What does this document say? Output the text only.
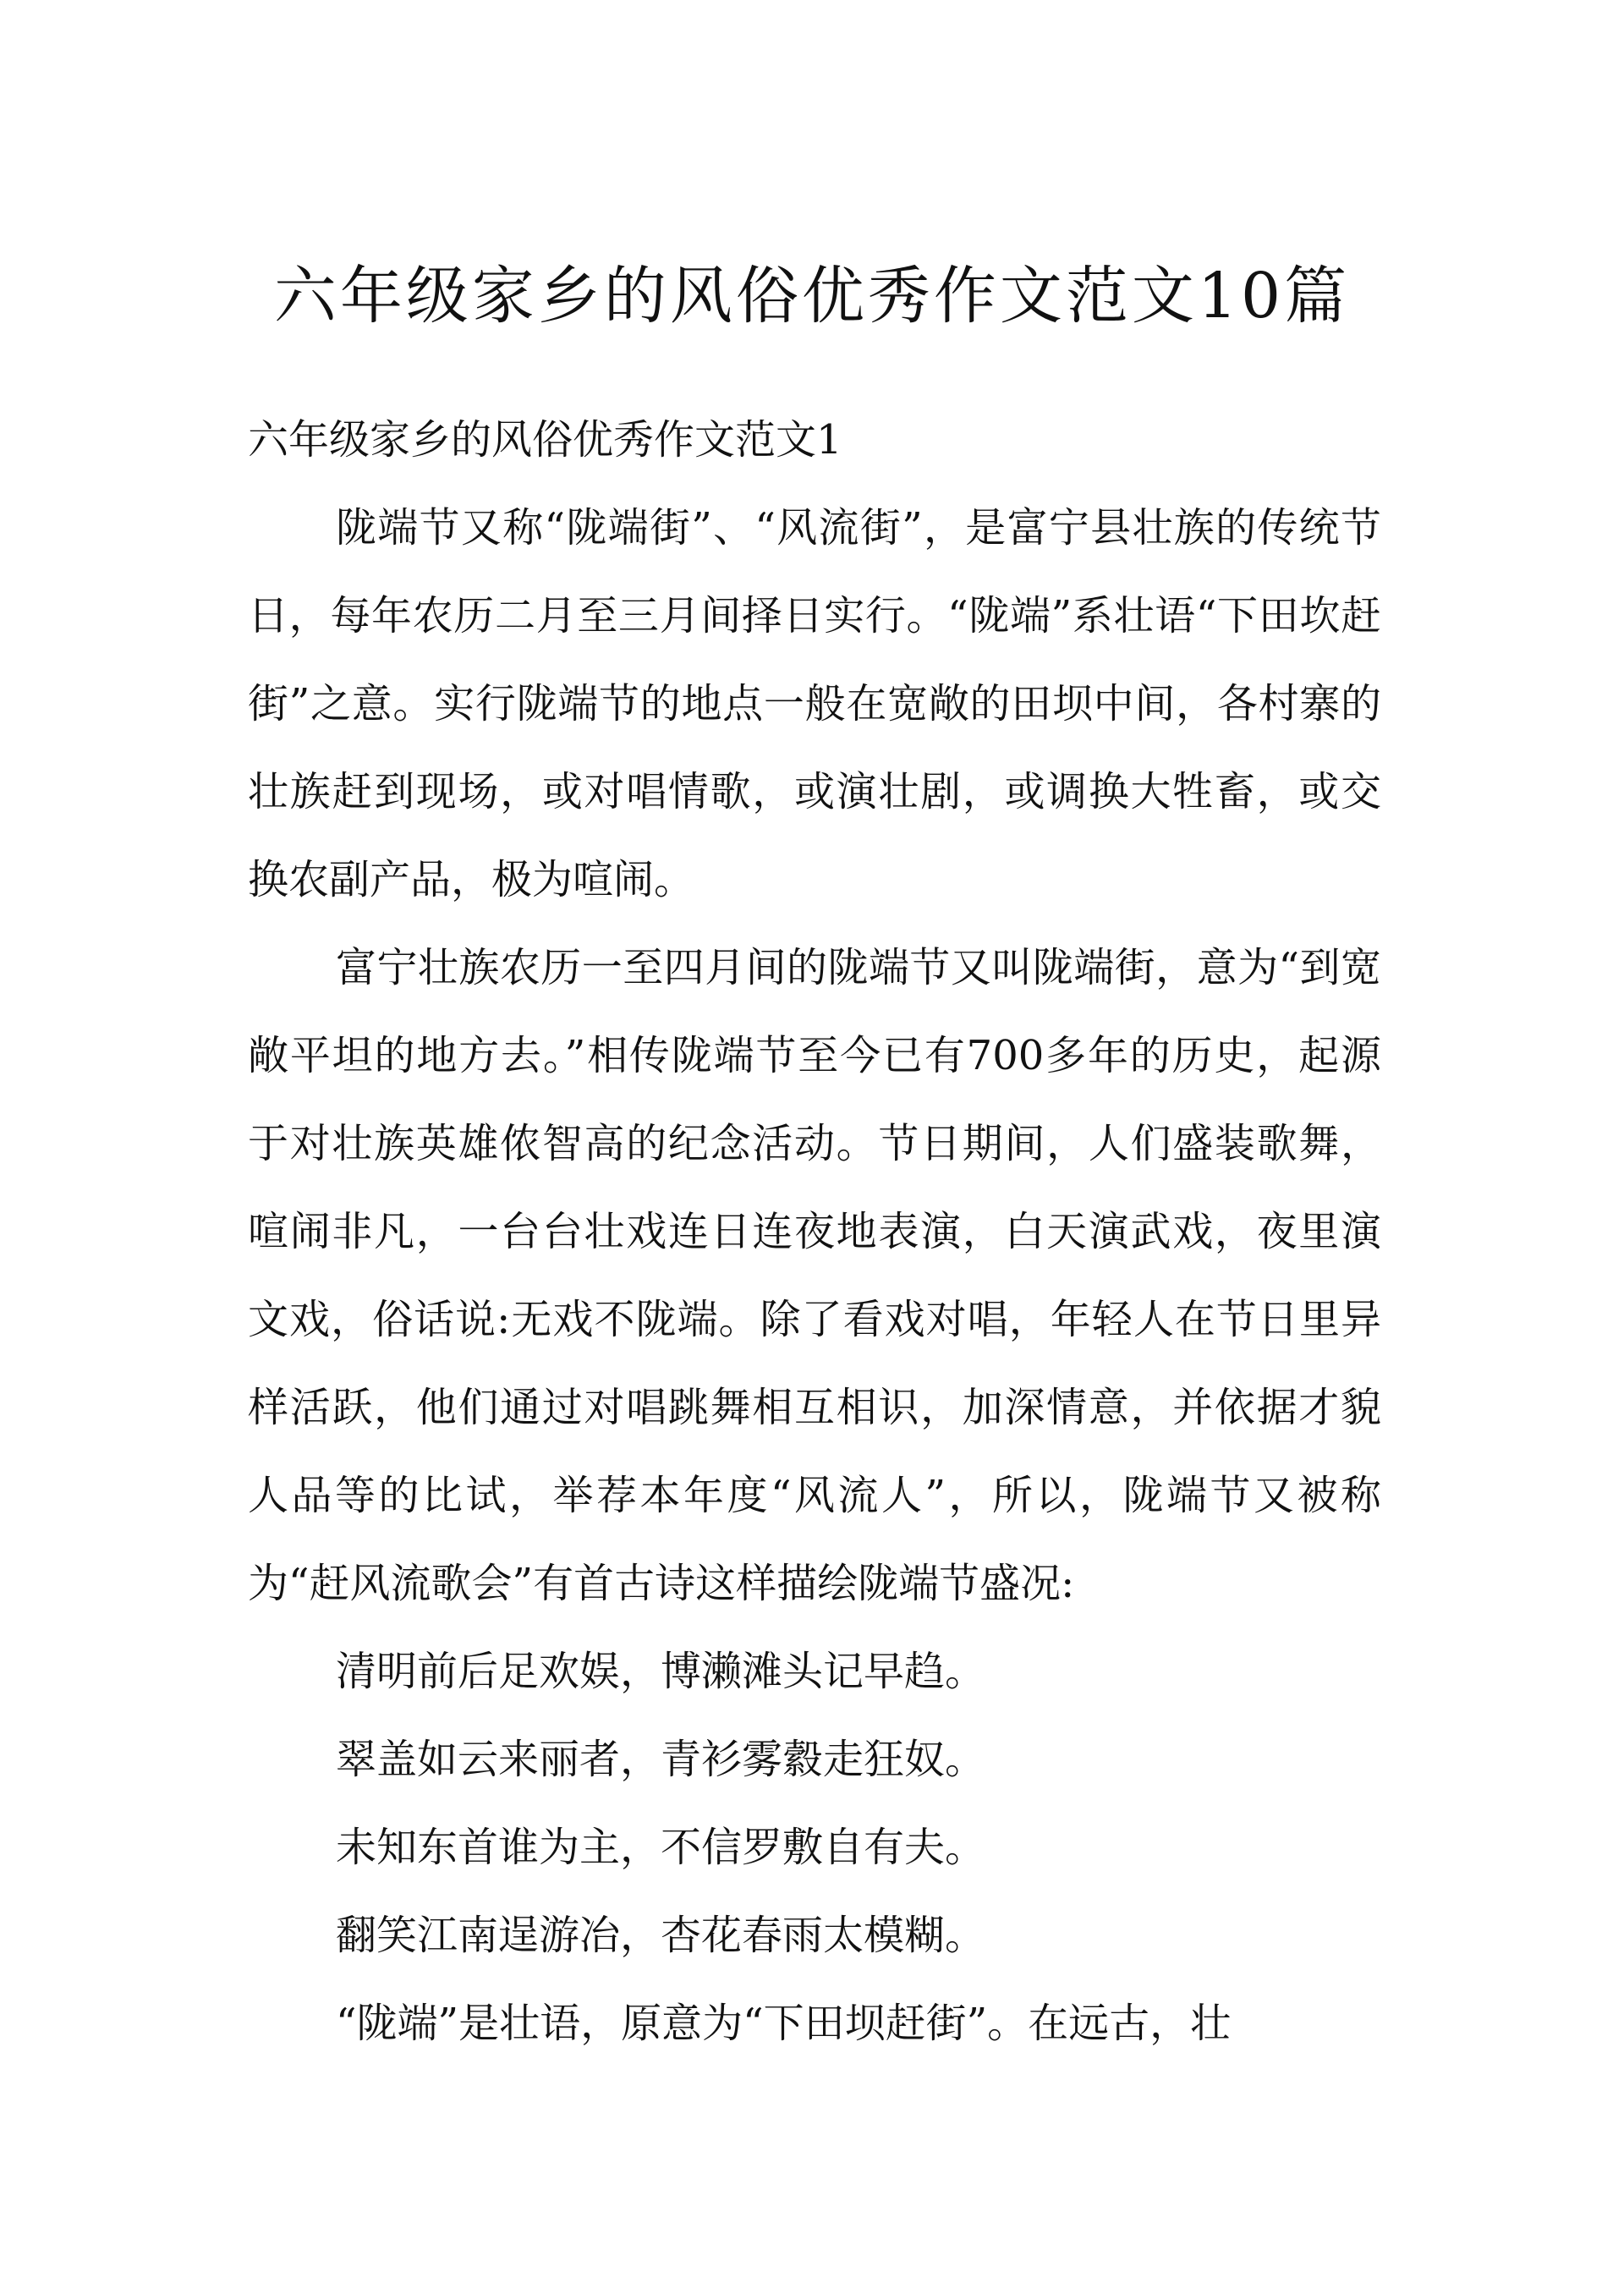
六年级家乡的风俗优秀作文范文10篇

六年级家乡的风俗优秀作文范文1

陇端节又称“陇端街”、“风流街”，是富宁县壮族的传统节日，每年农历二月至三月间择日实行。“陇端”系壮语“下田坎赶街”之意。实行陇端节的地点一般在宽敞的田坝中间，各村寨的壮族赶到现场，或对唱情歌，或演壮剧，或调换大牲畜，或交换农副产品，极为喧闹。

富宁壮族农历一至四月间的陇端节又叫陇端街，意为“到宽敞平坦的地方去。”相传陇端节至今已有700多年的历史，起源于对壮族英雄侬智高的纪念活动。节日期间，人们盛装歌舞，喧闹非凡，一台台壮戏连日连夜地表演，白天演武戏，夜里演文戏，俗话说:无戏不陇端。除了看戏对唱，年轻人在节日里异样活跃，他们通过对唱跳舞相互相识，加深情意，并依据才貌人品等的比试，举荐本年度“风流人”，所以，陇端节又被称为“赶风流歌会”有首古诗这样描绘陇端节盛况:

清明前后足欢娱，博濑滩头记早趋。

翠盖如云来丽者，青衫雾縠走狂奴。

未知东首谁为主，不信罗敷自有夫。

翻笑江南逞游冶，杏花春雨太模糊。

“陇端”是壮语，原意为“下田坝赶街”。在远古，壮
